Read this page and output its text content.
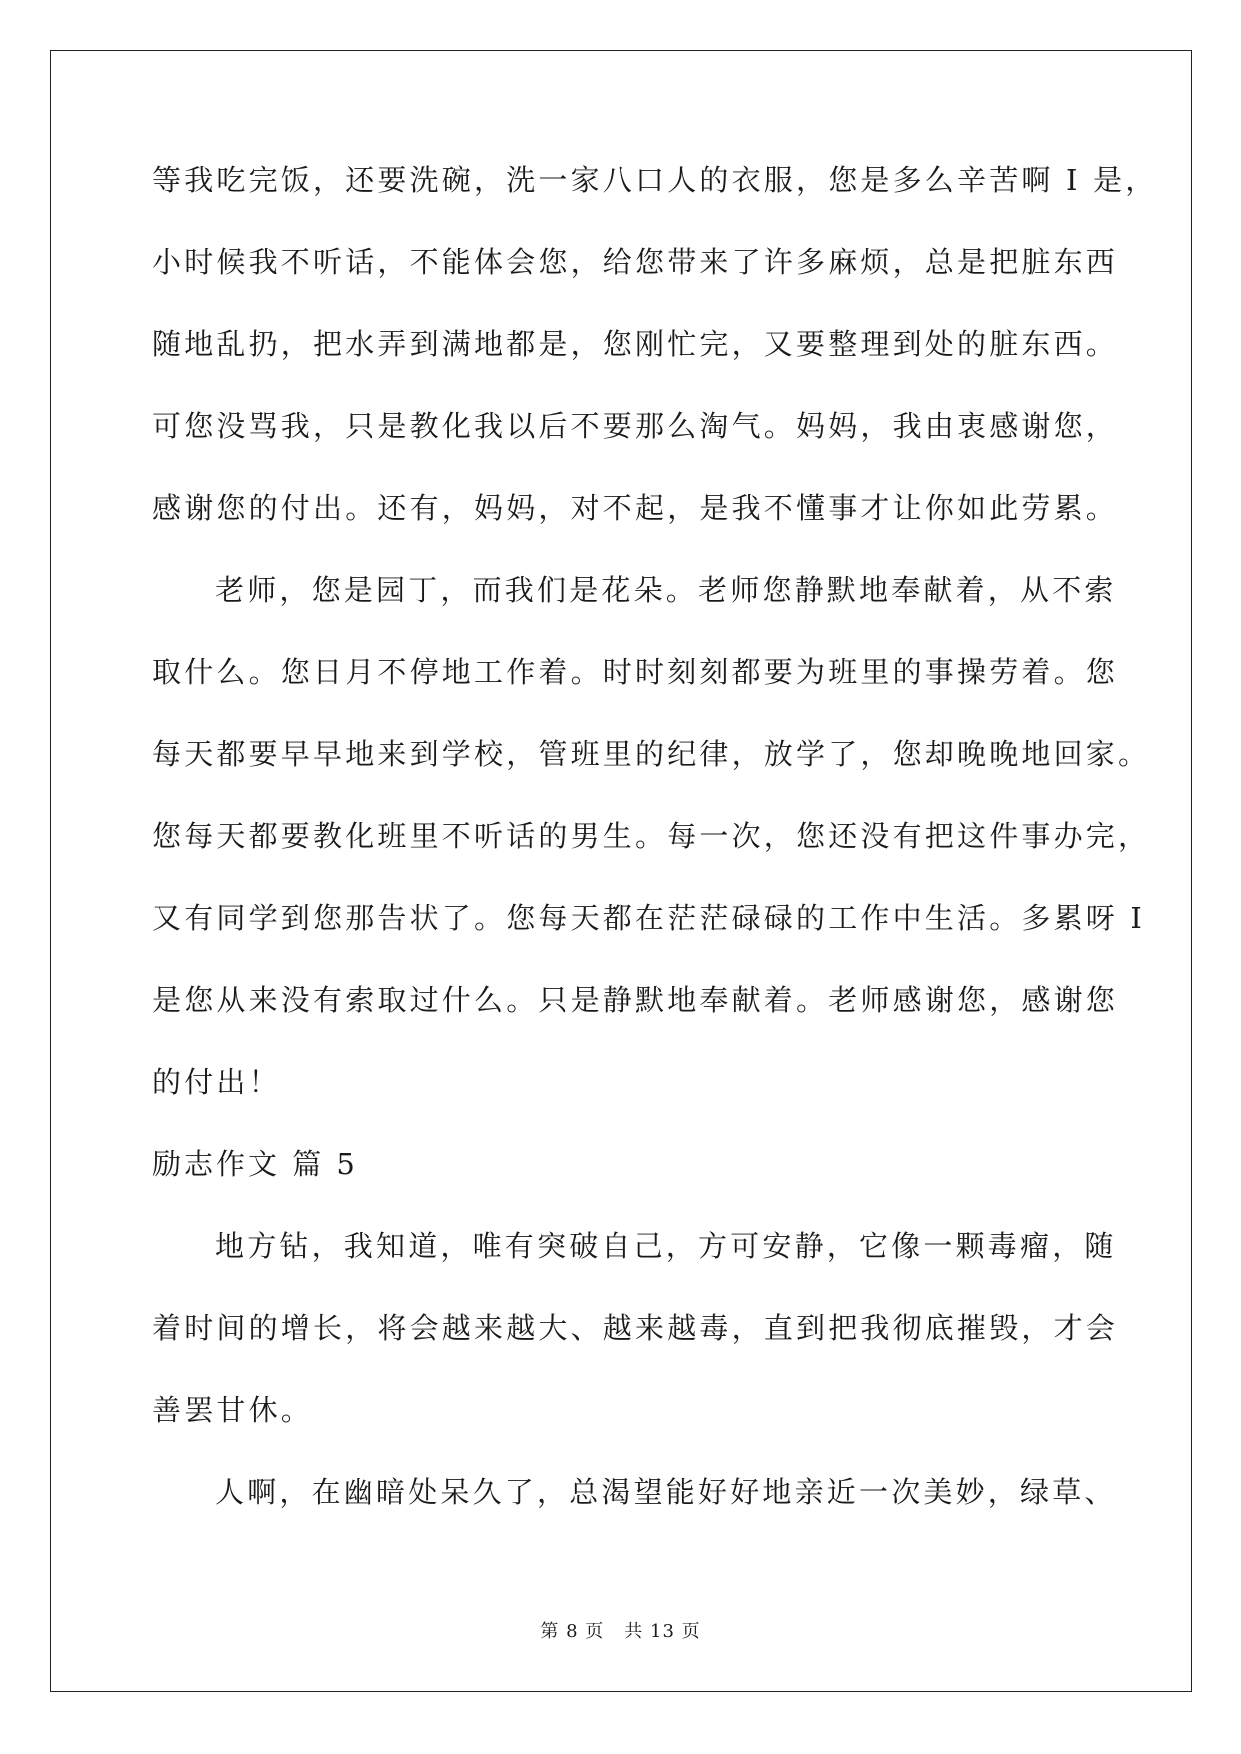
等我吃完饭，还要洗碗，洗一家八口人的衣服，您是多么辛苦啊 I 是，
小时候我不听话，不能体会您，给您带来了许多麻烦，总是把脏东西
随地乱扔，把水弄到满地都是，您刚忙完，又要整理到处的脏东西。
可您没骂我，只是教化我以后不要那么淘气。妈妈，我由衷感谢您，
感谢您的付出。还有，妈妈，对不起，是我不懂事才让你如此劳累。
老师，您是园丁，而我们是花朵。老师您静默地奉献着，从不索
取什么。您日月不停地工作着。时时刻刻都要为班里的事操劳着。您
每天都要早早地来到学校，管班里的纪律，放学了，您却晚晚地回家。
您每天都要教化班里不听话的男生。每一次，您还没有把这件事办完，
又有同学到您那告状了。您每天都在茫茫碌碌的工作中生活。多累呀 I
是您从来没有索取过什么。只是静默地奉献着。老师感谢您，感谢您
的付出！
励志作文 篇 5
地方钻，我知道，唯有突破自己，方可安静，它像一颗毒瘤，随
着时间的增长，将会越来越大、越来越毒，直到把我彻底摧毁，才会
善罢甘休。
人啊，在幽暗处呆久了，总渴望能好好地亲近一次美妙，绿草、
第 8 页 共 13 页
